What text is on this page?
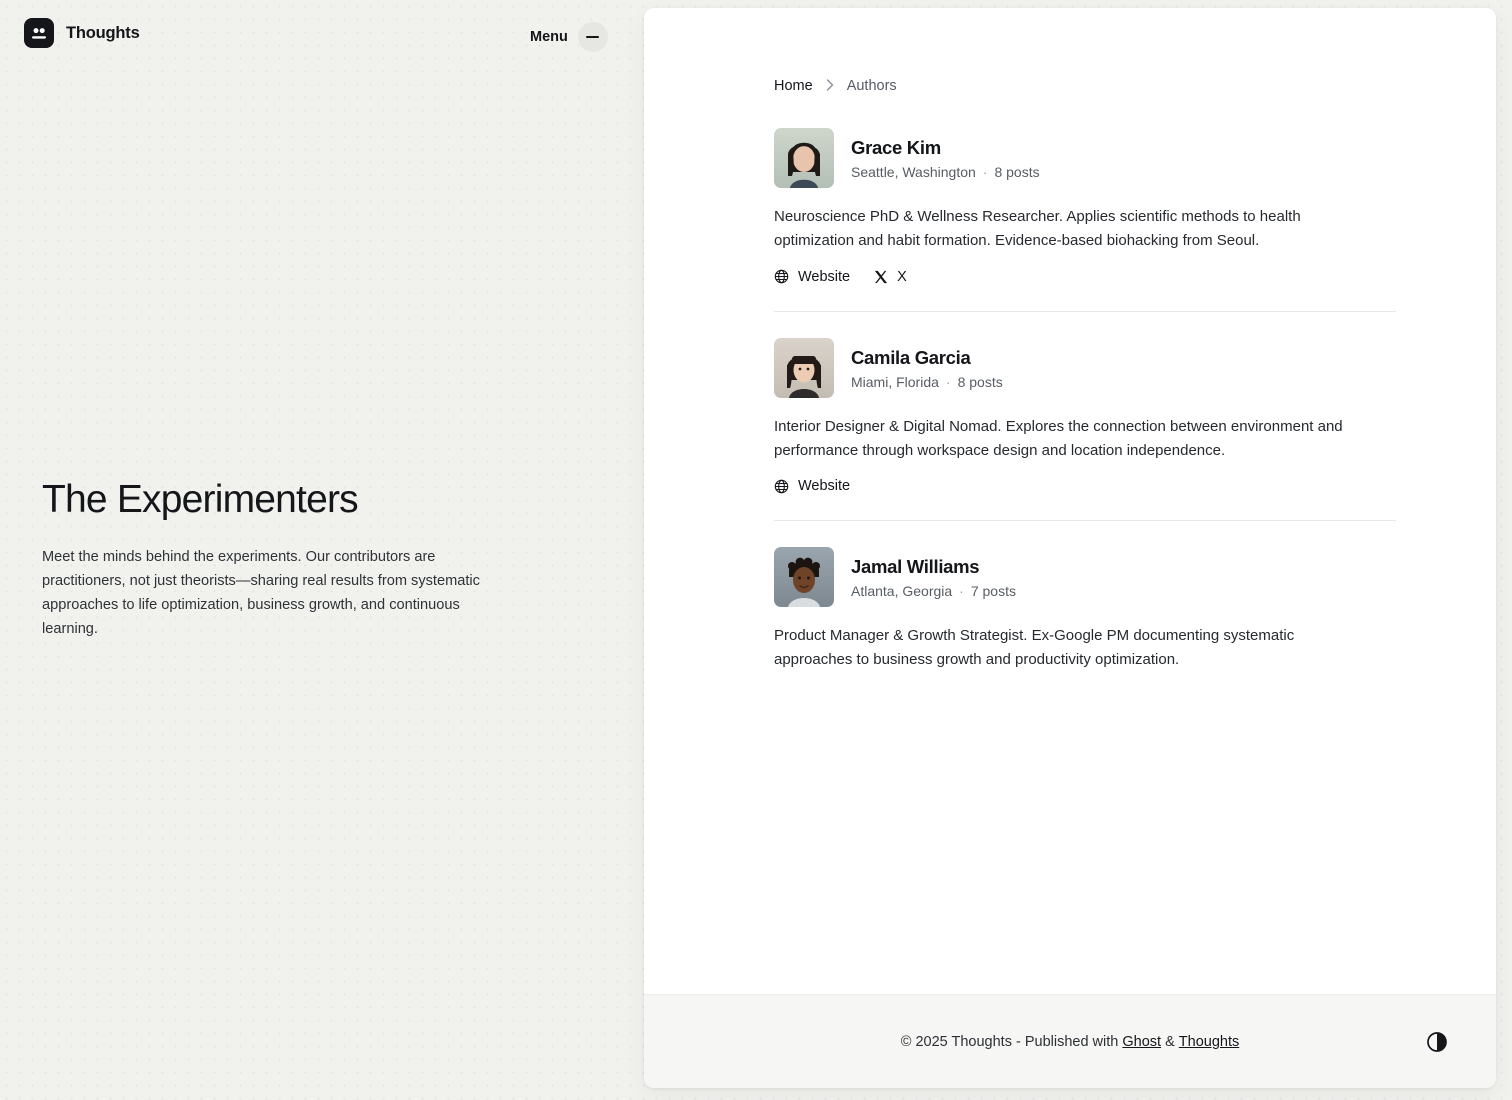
Thoughts	Menu
The Experimenters

Meet the minds behind the experiments. Our contributors are practitioners, not just theorists—sharing real results from systematic approaches to life optimization, business growth, and continuous learning.

Home Authors
Grace Kim
Seattle, Washington · 8 posts

Neuroscience PhD & Wellness Researcher. Applies scientific methods to health optimization and habit formation. Evidence-based biohacking from Seoul.

Website	X
Camila Garcia
Miami, Florida · 8 posts

Interior Designer & Digital Nomad. Explores the connection between environment and performance through workspace design and location independence.

Website
Jamal Williams
Atlanta, Georgia · 7 posts

Product Manager & Growth Strategist. Ex-Google PM documenting systematic approaches to business growth and productivity optimization.

© 2025 Thoughts - Published with
Ghost
&
Thoughts
